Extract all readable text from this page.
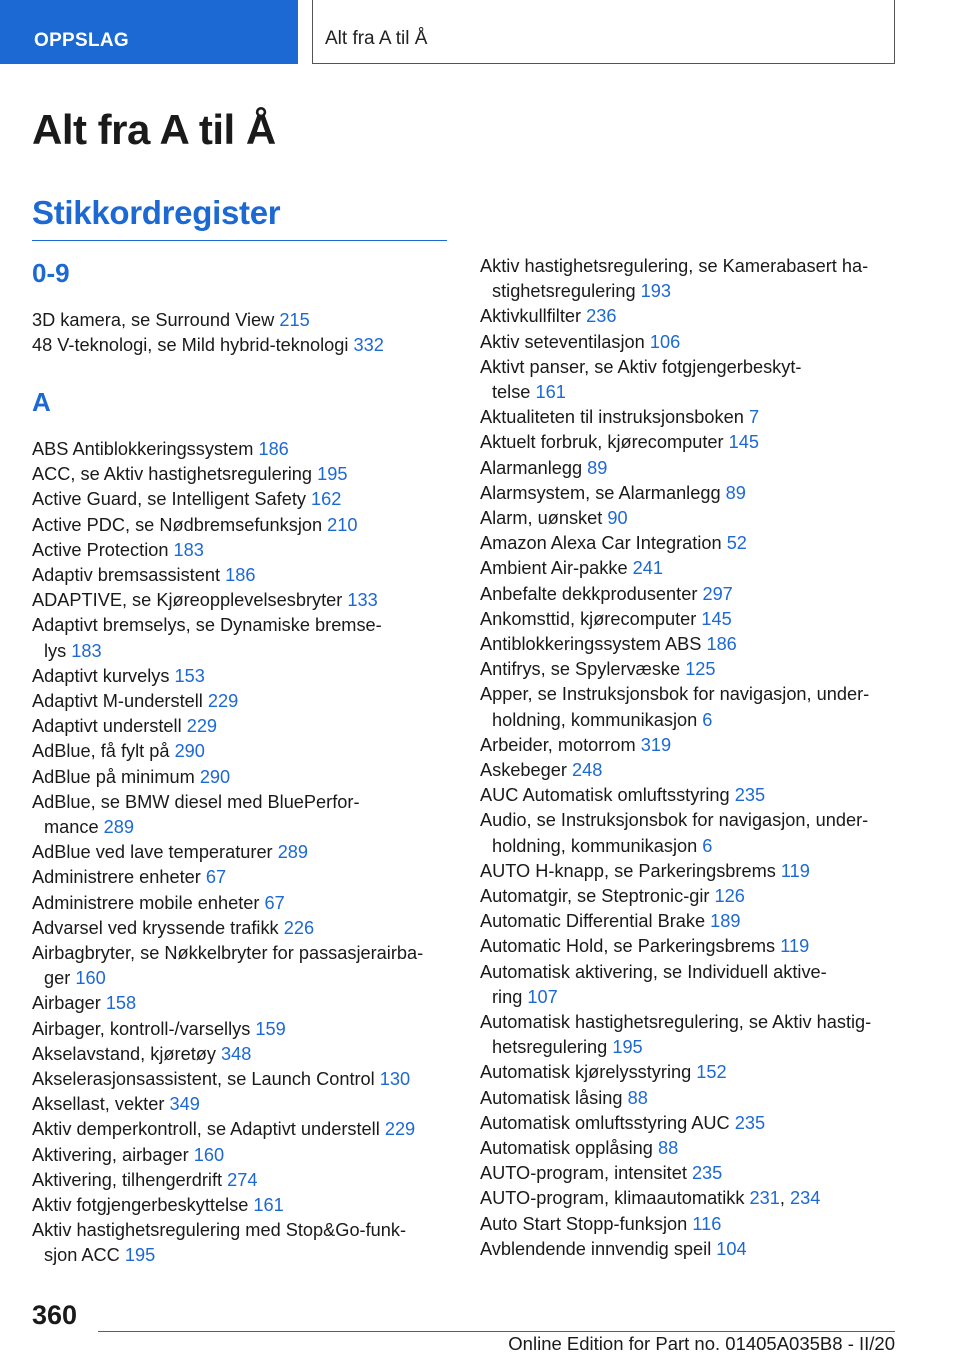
OPPSLAG	Alt fra A til Å
Alt fra A til Å
Stikkordregister
0-9
3D kamera, se Surround View 215
48 V-teknologi, se Mild hybrid-teknologi 332
A
ABS Antiblokkeringssystem 186
ACC, se Aktiv hastighetsregulering 195
Active Guard, se Intelligent Safety 162
Active PDC, se Nødbremsefunksjon 210
Active Protection 183
Adaptiv bremsassistent 186
ADAPTIVE, se Kjøreopplevelsesbryter 133
Adaptivt bremselys, se Dynamiske bremse-
lys 183
Adaptivt kurvelys 153
Adaptivt M-understell 229
Adaptivt understell 229
AdBlue, få fylt på 290
AdBlue på minimum 290
AdBlue, se BMW diesel med BluePerfor-
mance 289
AdBlue ved lave temperaturer 289
Administrere enheter 67
Administrere mobile enheter 67
Advarsel ved kryssende trafikk 226
Airbagbryter, se Nøkkelbryter for passasjerairba-
ger 160
Airbager 158
Airbager, kontroll-/varsellys 159
Akselavstand, kjøretøy 348
Akselerasjonsassistent, se Launch Control 130
Aksellast, vekter 349
Aktiv demperkontroll, se Adaptivt understell 229
Aktivering, airbager 160
Aktivering, tilhengerdrift 274
Aktiv fotgjengerbeskyttelse 161
Aktiv hastighetsregulering med Stop&Go-funk-
sjon ACC 195
Aktiv hastighetsregulering, se Kamerabasert ha-
stighetsregulering 193
Aktivkullfilter 236
Aktiv seteventilasjon 106
Aktivt panser, se Aktiv fotgjengerbeskyt-
telse 161
Aktualiteten til instruksjonsboken 7
Aktuelt forbruk, kjørecomputer 145
Alarmanlegg 89
Alarmsystem, se Alarmanlegg 89
Alarm, uønsket 90
Amazon Alexa Car Integration 52
Ambient Air-pakke 241
Anbefalte dekkprodusenter 297
Ankomsttid, kjørecomputer 145
Antiblokkeringssystem ABS 186
Antifrys, se Spylervæske 125
Apper, se Instruksjonsbok for navigasjon, under-
holdning, kommunikasjon 6
Arbeider, motorrom 319
Askebeger 248
AUC Automatisk omluftsstyring 235
Audio, se Instruksjonsbok for navigasjon, under-
holdning, kommunikasjon 6
AUTO H-knapp, se Parkeringsbrems 119
Automatgir, se Steptronic-gir 126
Automatic Differential Brake 189
Automatic Hold, se Parkeringsbrems 119
Automatisk aktivering, se Individuell aktive-
ring 107
Automatisk hastighetsregulering, se Aktiv hastig-
hetsregulering 195
Automatisk kjørelysstyring 152
Automatisk låsing 88
Automatisk omluftsstyring AUC 235
Automatisk opplåsing 88
AUTO-program, intensitet 235
AUTO-program, klimaautomatikk 231, 234
Auto Start Stopp-funksjon 116
Avblendende innvendig speil 104
360
Online Edition for Part no. 01405A035B8 - II/20
